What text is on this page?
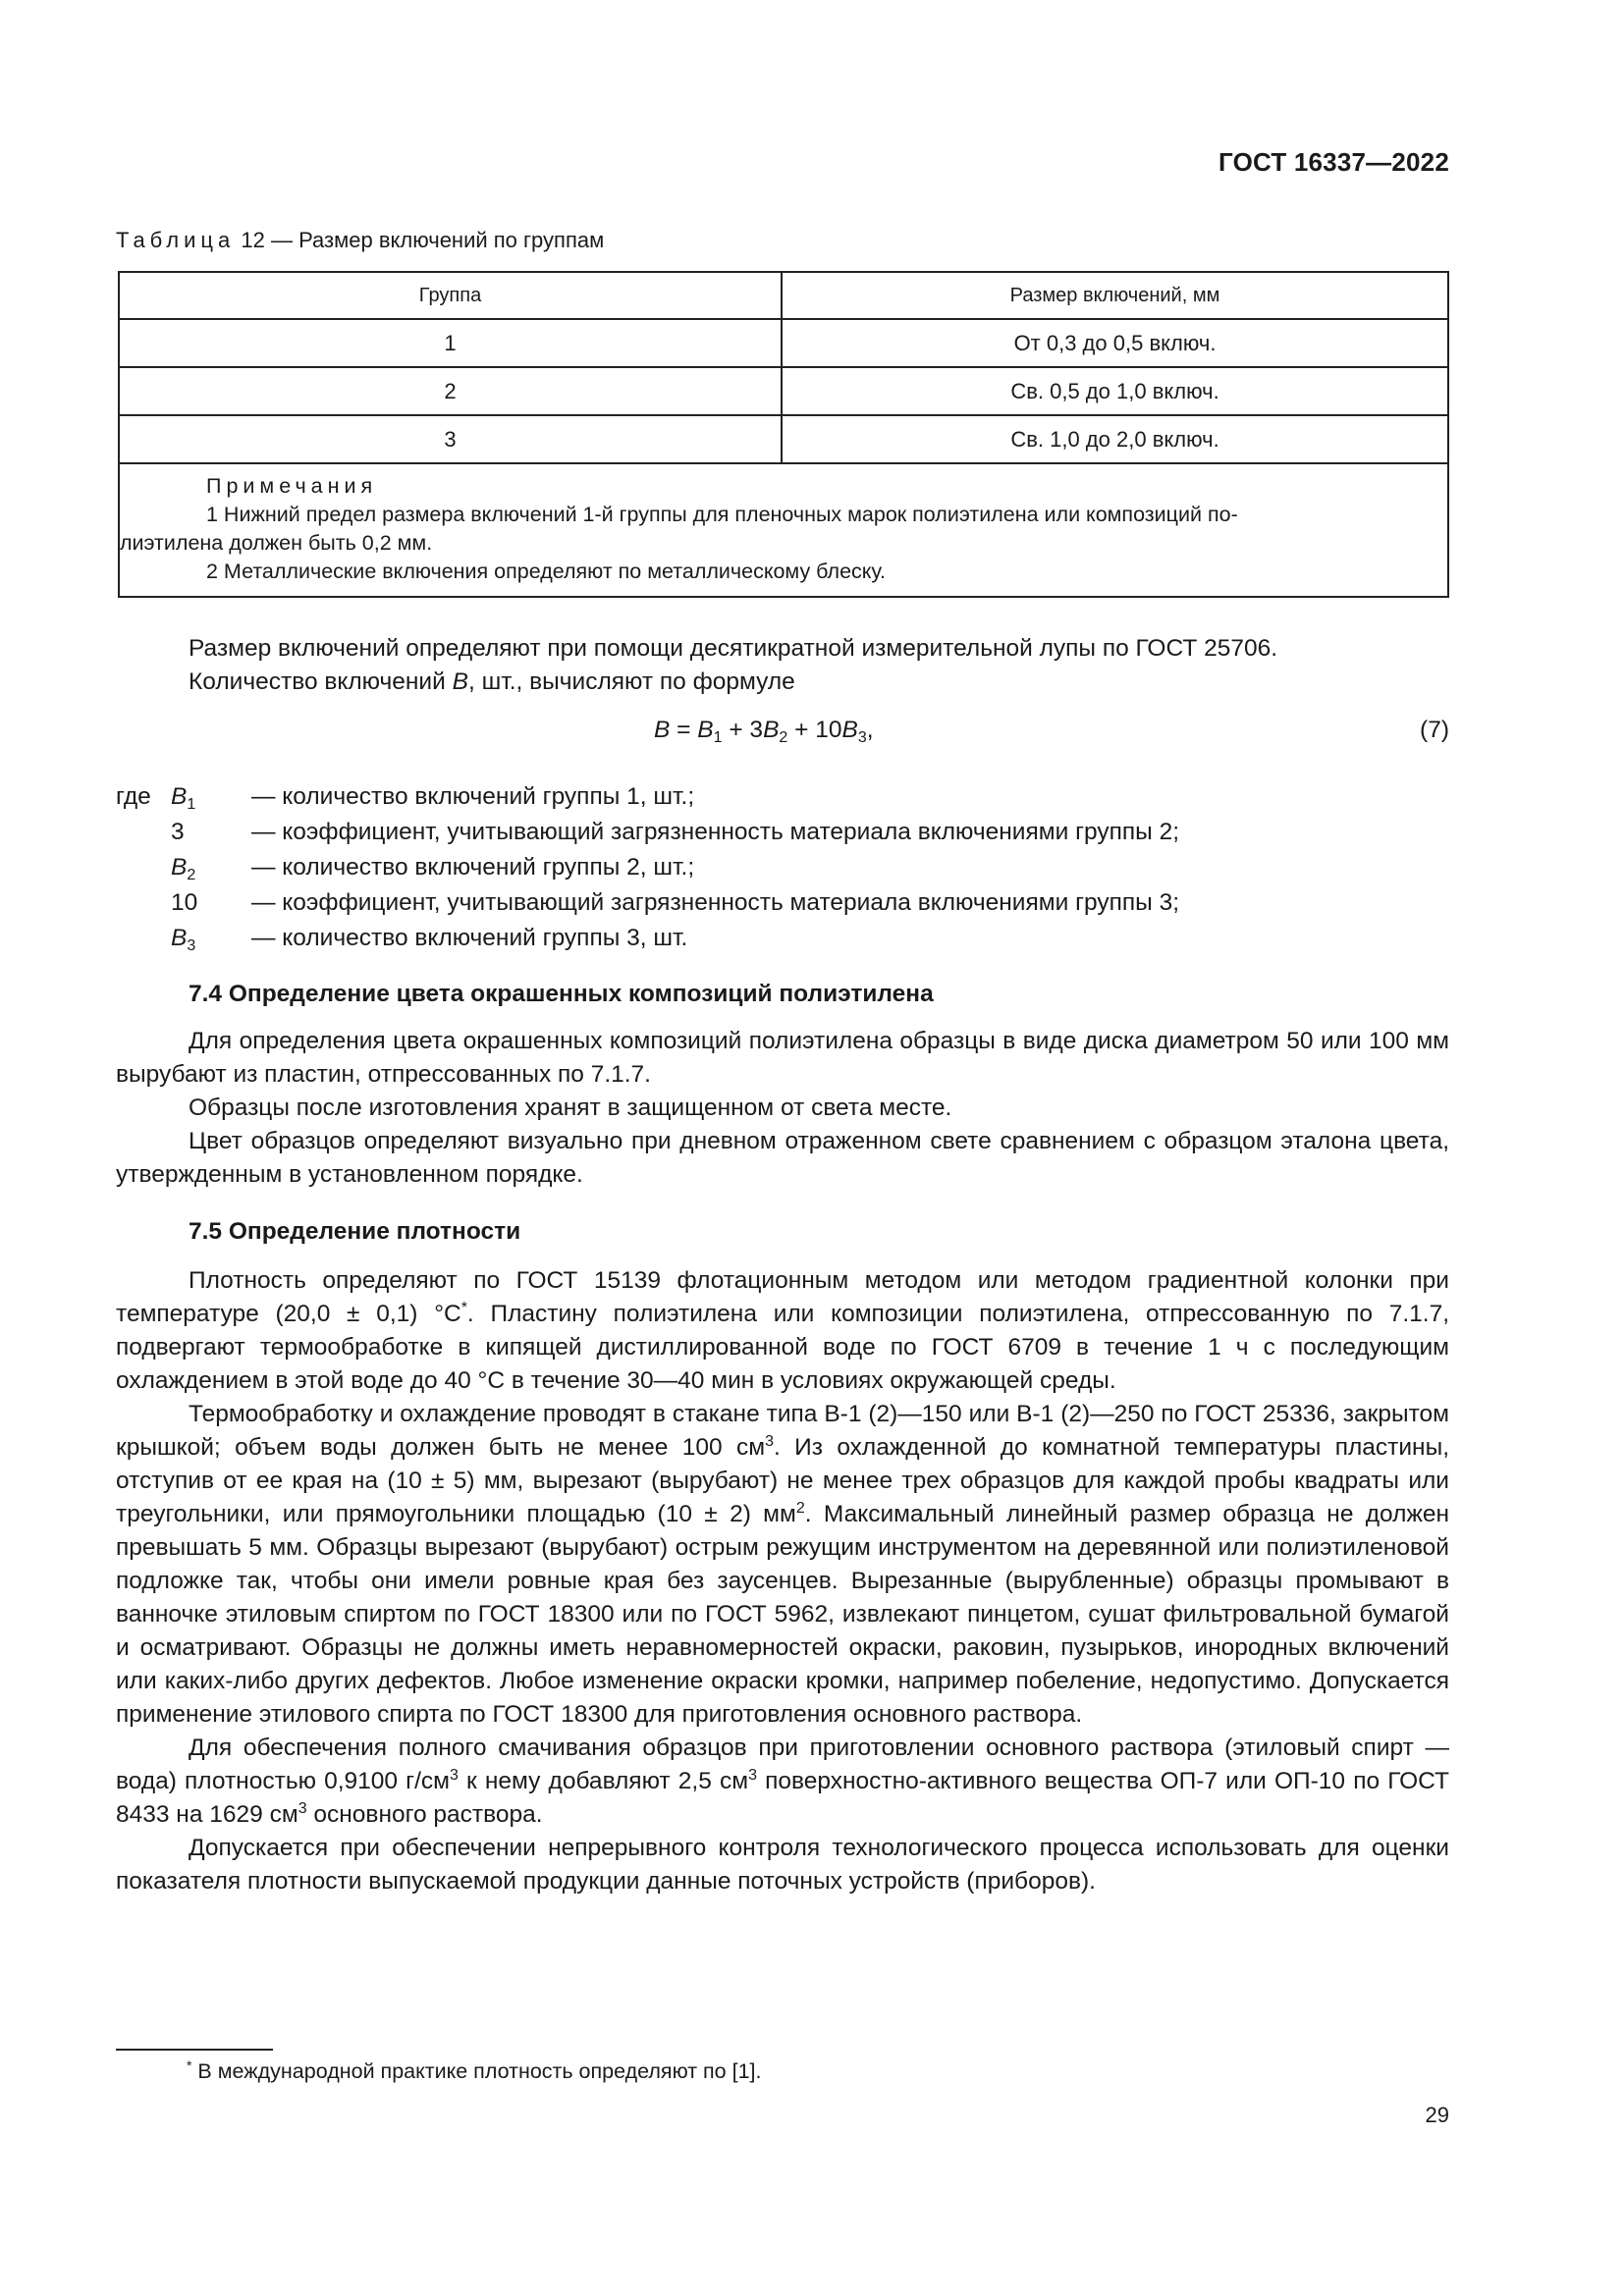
ГОСТ 16337—2022
Таблица 12 — Размер включений по группам
Группа	Размер включений, мм
1	От 0,3 до 0,5 включ.
2	Св. 0,5 до 1,0 включ.
3	Св. 1,0 до 2,0 включ.

Примечания
1 Нижний предел размера включений 1-й группы для пленочных марок полиэтилена или композиций по-
лиэтилена должен быть 0,2 мм.
2 Металлические включения определяют по металлическому блеску.	

Размер включений определяют при помощи десятикратной измерительной лупы по ГОСТ 25706.

Количество включений B, шт., вычисляют по формуле

$B = B_1 + 3B_2 + 10B_3$,	(7)
где $B_1$ — количество включений группы 1, шт.;
3	— коэффициент, учитывающий загрязненность материала включениями группы 2;
$B_2$ — количество включений группы 2, шт.;
10 — коэффициент, учитывающий загрязненность материала включениями группы 3;
$B_3$ — количество включений группы 3, шт.

7.4 Определение цвета окрашенных композиций полиэтилена

Для определения цвета окрашенных композиций полиэтилена образцы в виде диска диаметром 50 или 100 мм вырубают из пластин, отпрессованных по 7.1.7.

Образцы после изготовления хранят в защищенном от света месте.

Цвет образцов определяют визуально при дневном отраженном свете сравнением с образцом эталона цвета, утвержденным в установленном порядке.

7.5 Определение плотности

Плотность определяют по ГОСТ 15139 флотационным методом или методом градиентной колонки при температуре (20,0 ± 0,1) °С*. Пластину полиэтилена или композиции полиэтилена, отпрессованную по 7.1.7, подвергают термообработке в кипящей дистиллированной воде по ГОСТ 6709 в течение 1 ч с последующим охлаждением в этой воде до 40 °С в течение 30—40 мин в условиях окружающей среды.

Термообработку и охлаждение проводят в стакане типа В-1 (2)—150 или В-1 (2)—250 по ГОСТ 25336, закрытом крышкой; объем воды должен быть не менее 100 $см^3$. Из охлажденной до комнатной температуры пластины, отступив от ее края на (10 ± 5) мм, вырезают (вырубают) не менее трех образцов для каждой пробы квадраты или треугольники, или прямоугольники площадью (10 ± 2) $мм^2$. Максимальный линейный размер образца не должен превышать 5 мм. Образцы вырезают (вырубают) острым режущим инструментом на деревянной или полиэтиленовой подложке так, чтобы они имели ровные края без заусенцев. Вырезанные (вырубленные) образцы промывают в ванночке этиловым спиртом по ГОСТ 18300 или по ГОСТ 5962, извлекают пинцетом, сушат фильтровальной бумагой и осматривают. Образцы не должны иметь неравномерностей окраски, раковин, пузырьков, инородных включений или каких-либо других дефектов. Любое изменение окраски кромки, например побеление, недопустимо. Допускается применение этилового спирта по ГОСТ 18300 для приготовления основного раствора.

Для обеспечения полного смачивания образцов при приготовлении основного раствора (этиловый спирт — вода) плотностью 0,9100 $г/см^3$ к нему добавляют 2,5 $см^3$ поверхностно-активного вещества ОП-7 или ОП-10 по ГОСТ 8433 на 1629 $см^3$ основного раствора.

Допускается при обеспечении непрерывного контроля технологического процесса использовать для оценки показателя плотности выпускаемой продукции данные поточных устройств (приборов).

* В международной практике плотность определяют по [1].
29
